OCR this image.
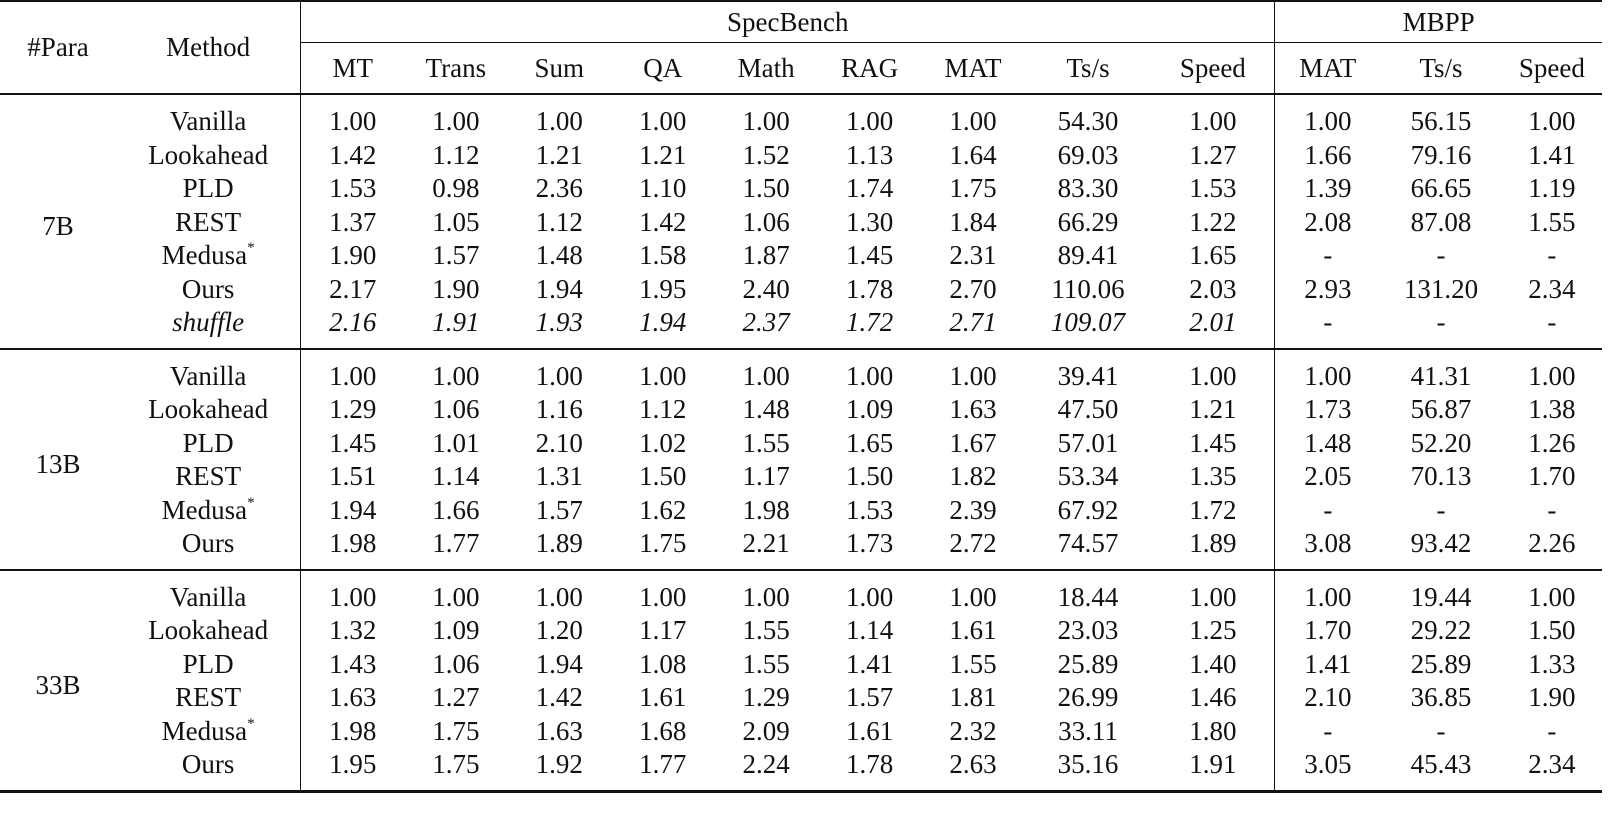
#Para	Method	SpecBench									MBPP		
		MT	Trans	Sum	QA	Math	RAG	MAT	Ts/s	Speed	MAT	Ts/s	Speed
7B	Vanilla	1.00	1.00	1.00	1.00	1.00	1.00	1.00	54.30	1.00	1.00	56.15	1.00
	Lookahead	1.42	1.12	1.21	1.21	1.52	1.13	1.64	69.03	1.27	1.66	79.16	1.41
	PLD	1.53	0.98	2.36	1.10	1.50	1.74	1.75	83.30	1.53	1.39	66.65	1.19
	REST	1.37	1.05	1.12	1.42	1.06	1.30	1.84	66.29	1.22	2.08	87.08	1.55
	Medusa*	1.90	1.57	1.48	1.58	1.87	1.45	2.31	89.41	1.65	-	-	-
	Ours	2.17	1.90	1.94	1.95	2.40	1.78	2.70	110.06	2.03	2.93	131.20	2.34
	shuffle	2.16	1.91	1.93	1.94	2.37	1.72	2.71	109.07	2.01	-	-	-
13B	Vanilla	1.00	1.00	1.00	1.00	1.00	1.00	1.00	39.41	1.00	1.00	41.31	1.00
	Lookahead	1.29	1.06	1.16	1.12	1.48	1.09	1.63	47.50	1.21	1.73	56.87	1.38
	PLD	1.45	1.01	2.10	1.02	1.55	1.65	1.67	57.01	1.45	1.48	52.20	1.26
	REST	1.51	1.14	1.31	1.50	1.17	1.50	1.82	53.34	1.35	2.05	70.13	1.70
	Medusa*	1.94	1.66	1.57	1.62	1.98	1.53	2.39	67.92	1.72	-	-	-
	Ours	1.98	1.77	1.89	1.75	2.21	1.73	2.72	74.57	1.89	3.08	93.42	2.26
33B	Vanilla	1.00	1.00	1.00	1.00	1.00	1.00	1.00	18.44	1.00	1.00	19.44	1.00
	Lookahead	1.32	1.09	1.20	1.17	1.55	1.14	1.61	23.03	1.25	1.70	29.22	1.50
	PLD	1.43	1.06	1.94	1.08	1.55	1.41	1.55	25.89	1.40	1.41	25.89	1.33
	REST	1.63	1.27	1.42	1.61	1.29	1.57	1.81	26.99	1.46	2.10	36.85	1.90
	Medusa*	1.98	1.75	1.63	1.68	2.09	1.61	2.32	33.11	1.80	-	-	-
	Ours	1.95	1.75	1.92	1.77	2.24	1.78	2.63	35.16	1.91	3.05	45.43	2.34
